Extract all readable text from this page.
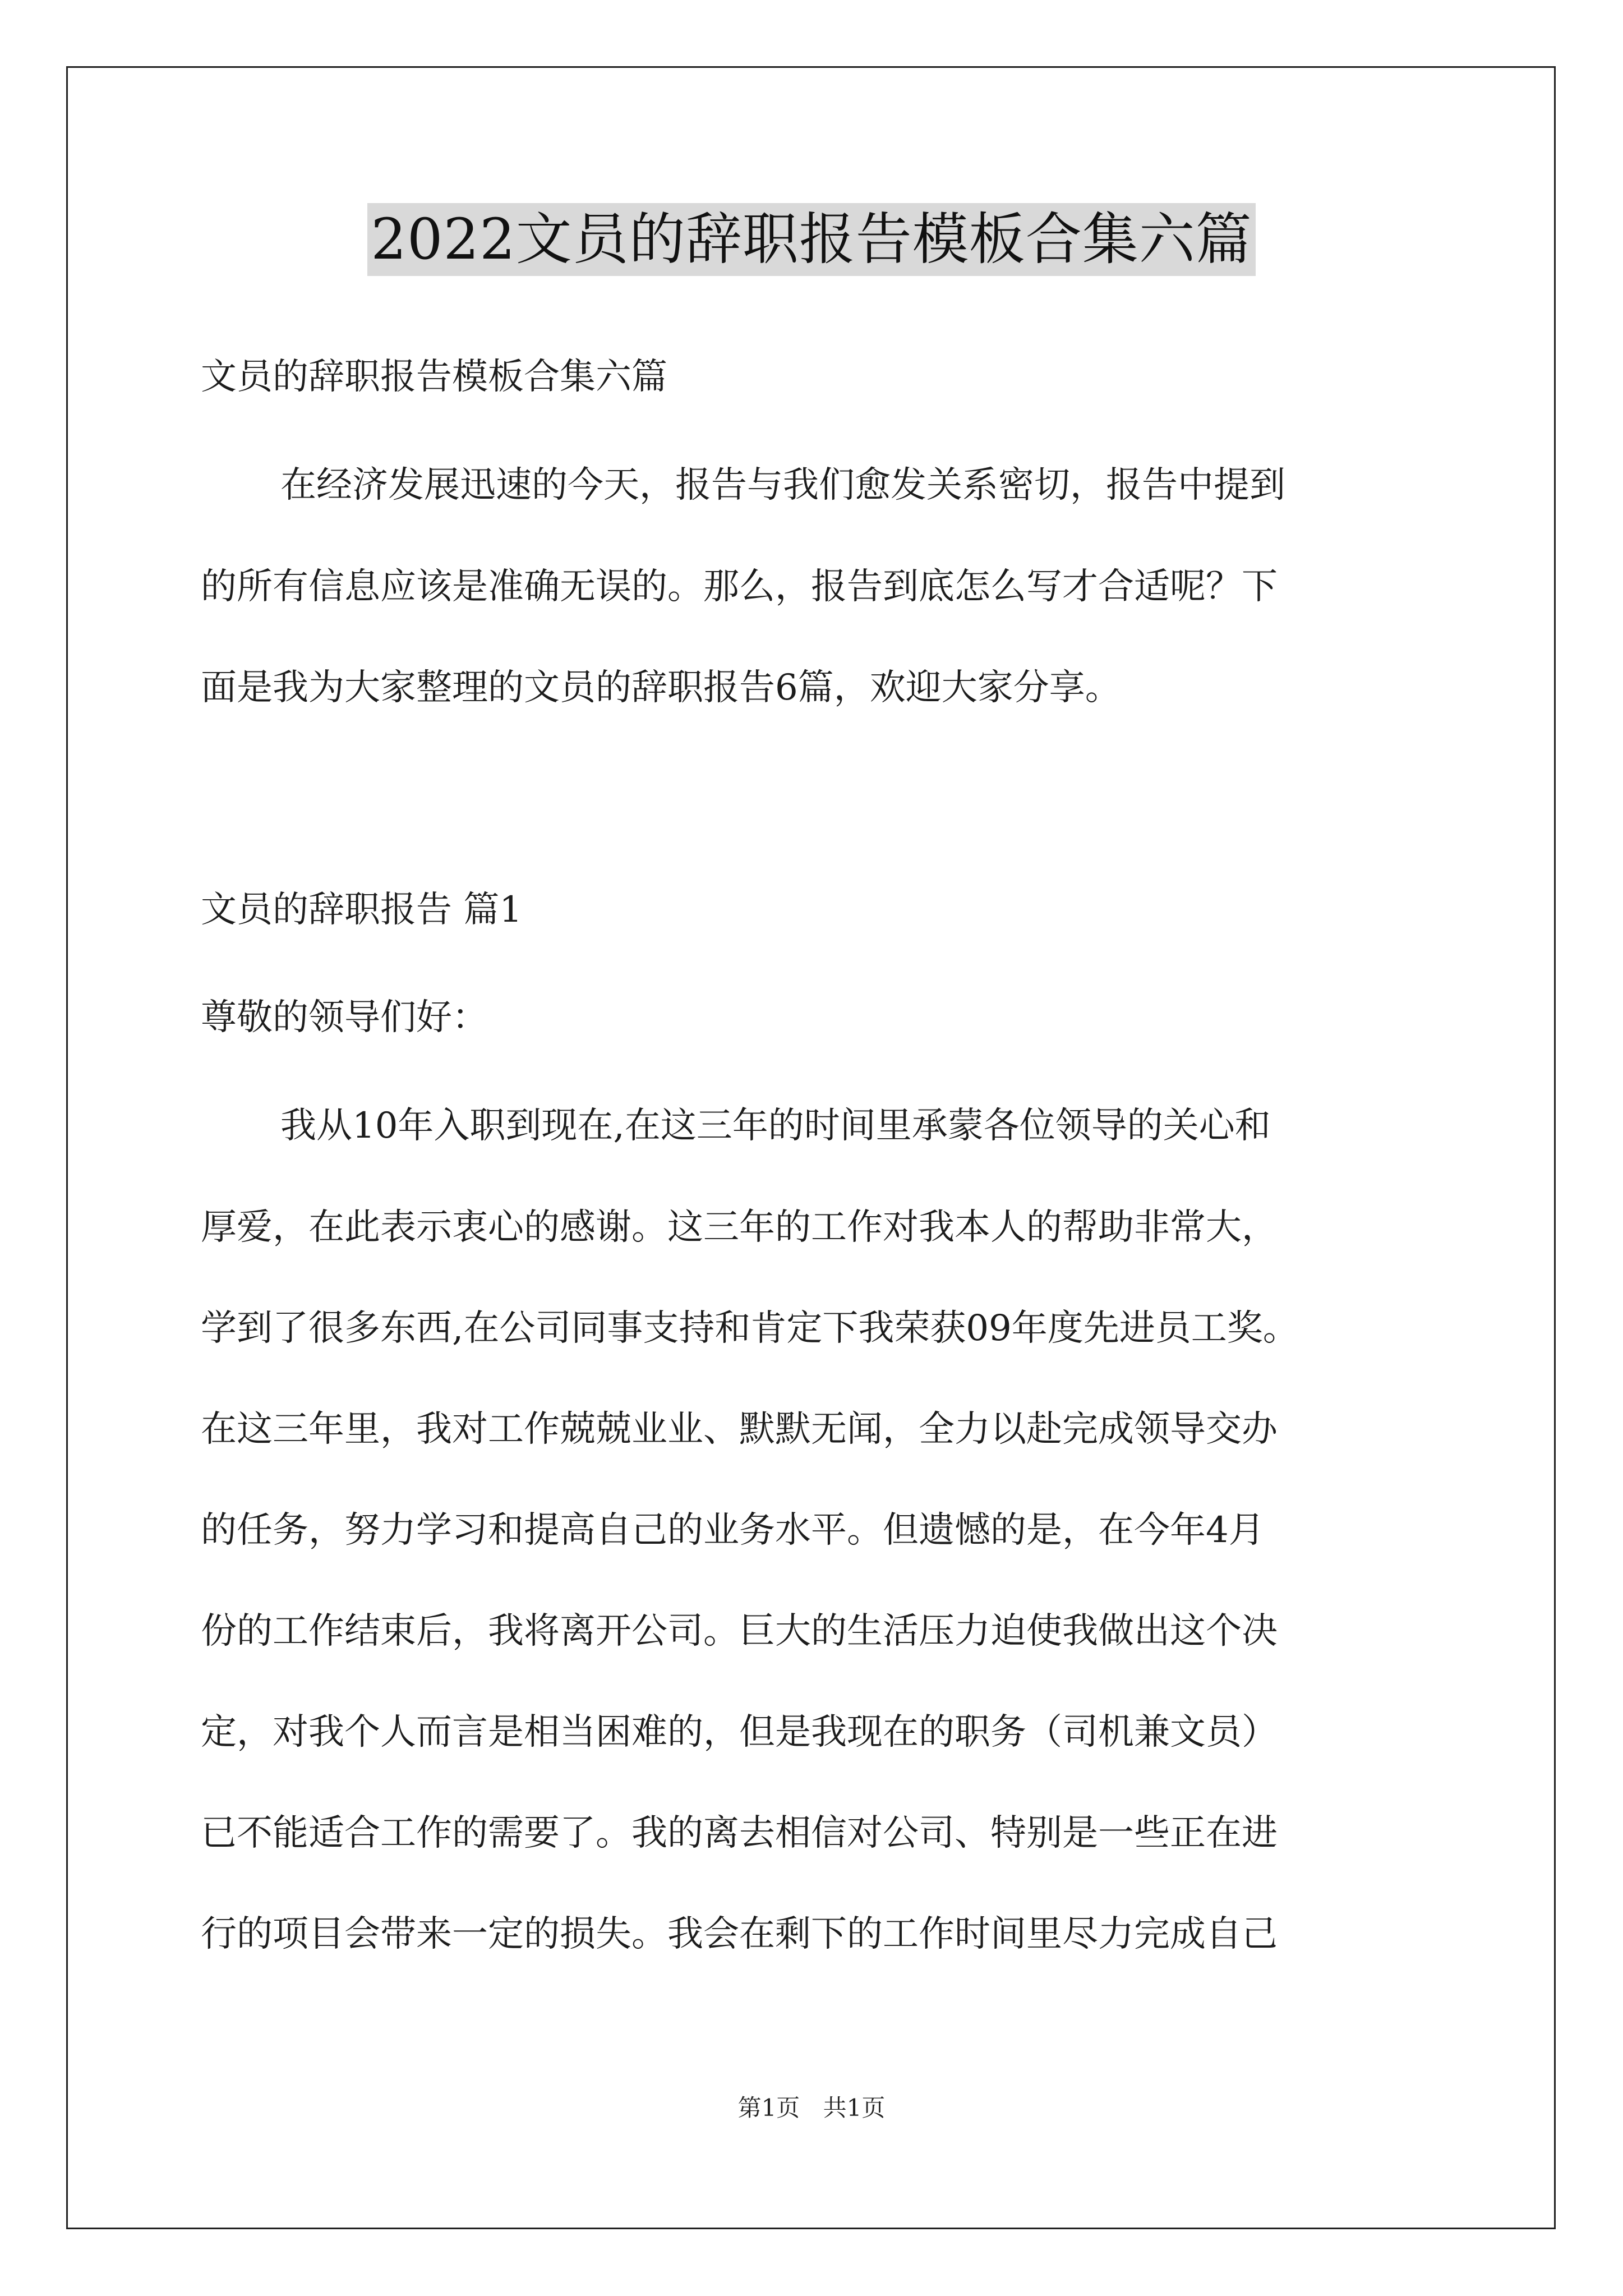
2022文员的辞职报告模板合集六篇
文员的辞职报告模板合集六篇
在经济发展迅速的今天，报告与我们愈发关系密切，报告中提到
的所有信息应该是准确无误的。那么，报告到底怎么写才合适呢？下
面是我为大家整理的文员的辞职报告6篇，欢迎大家分享。
文员的辞职报告 篇1
尊敬的领导们好：
我从10年入职到现在,在这三年的时间里承蒙各位领导的关心和
厚爱，在此表示衷心的感谢。这三年的工作对我本人的帮助非常大，
学到了很多东西,在公司同事支持和肯定下我荣获09年度先进员工奖。
在这三年里，我对工作兢兢业业、默默无闻，全力以赴完成领导交办
的任务，努力学习和提高自己的业务水平。但遗憾的是，在今年4月
份的工作结束后，我将离开公司。巨大的生活压力迫使我做出这个决
定，对我个人而言是相当困难的，但是我现在的职务（司机兼文员）
已不能适合工作的需要了。我的离去相信对公司、特别是一些正在进
行的项目会带来一定的损失。我会在剩下的工作时间里尽力完成自己
第1页 共1页
